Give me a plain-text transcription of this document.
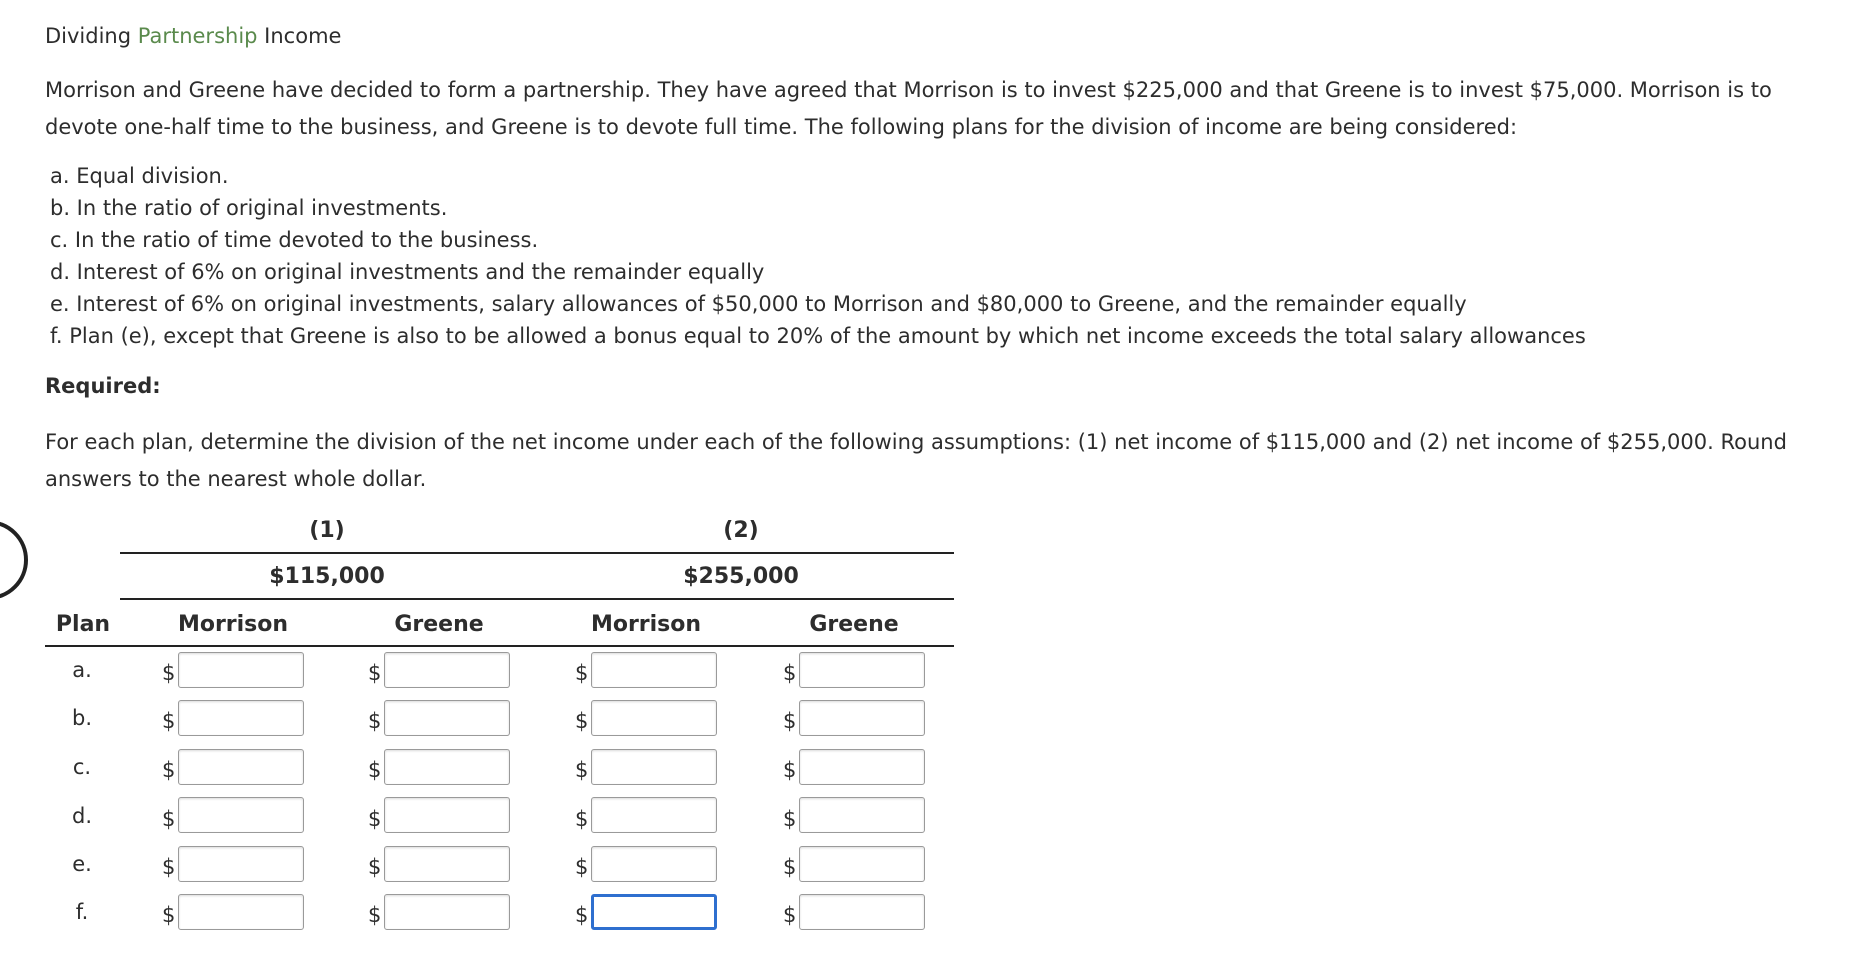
Dividing Partnership Income
Morrison and Greene have decided to form a partnership. They have agreed that Morrison is to invest $225,000 and that Greene is to invest $75,000. Morrison is to devote one-half time to the business, and Greene is to devote full time. The following plans for the division of income are being considered:
a. Equal division.
b. In the ratio of original investments.
c. In the ratio of time devoted to the business.
d. Interest of 6% on original investments and the remainder equally
e. Interest of 6% on original investments, salary allowances of $50,000 to Morrison and $80,000 to Greene, and the remainder equally
f. Plan (e), except that Greene is also to be allowed a bonus equal to 20% of the amount by which net income exceeds the total salary allowances
Required:
For each plan, determine the division of the net income under each of the following assumptions: (1) net income of $115,000 and (2) net income of $255,000. Round answers to the nearest whole dollar.
(1)
$115,000
(2)
$255,000
Plan	Morrison	Greene	Morrison	Greene
a.	$	$	$	$
b.	$	$	$	$
c.	$	$	$	$
d.	$	$	$	$
e.	$	$	$	$
f.	$	$	$	$
